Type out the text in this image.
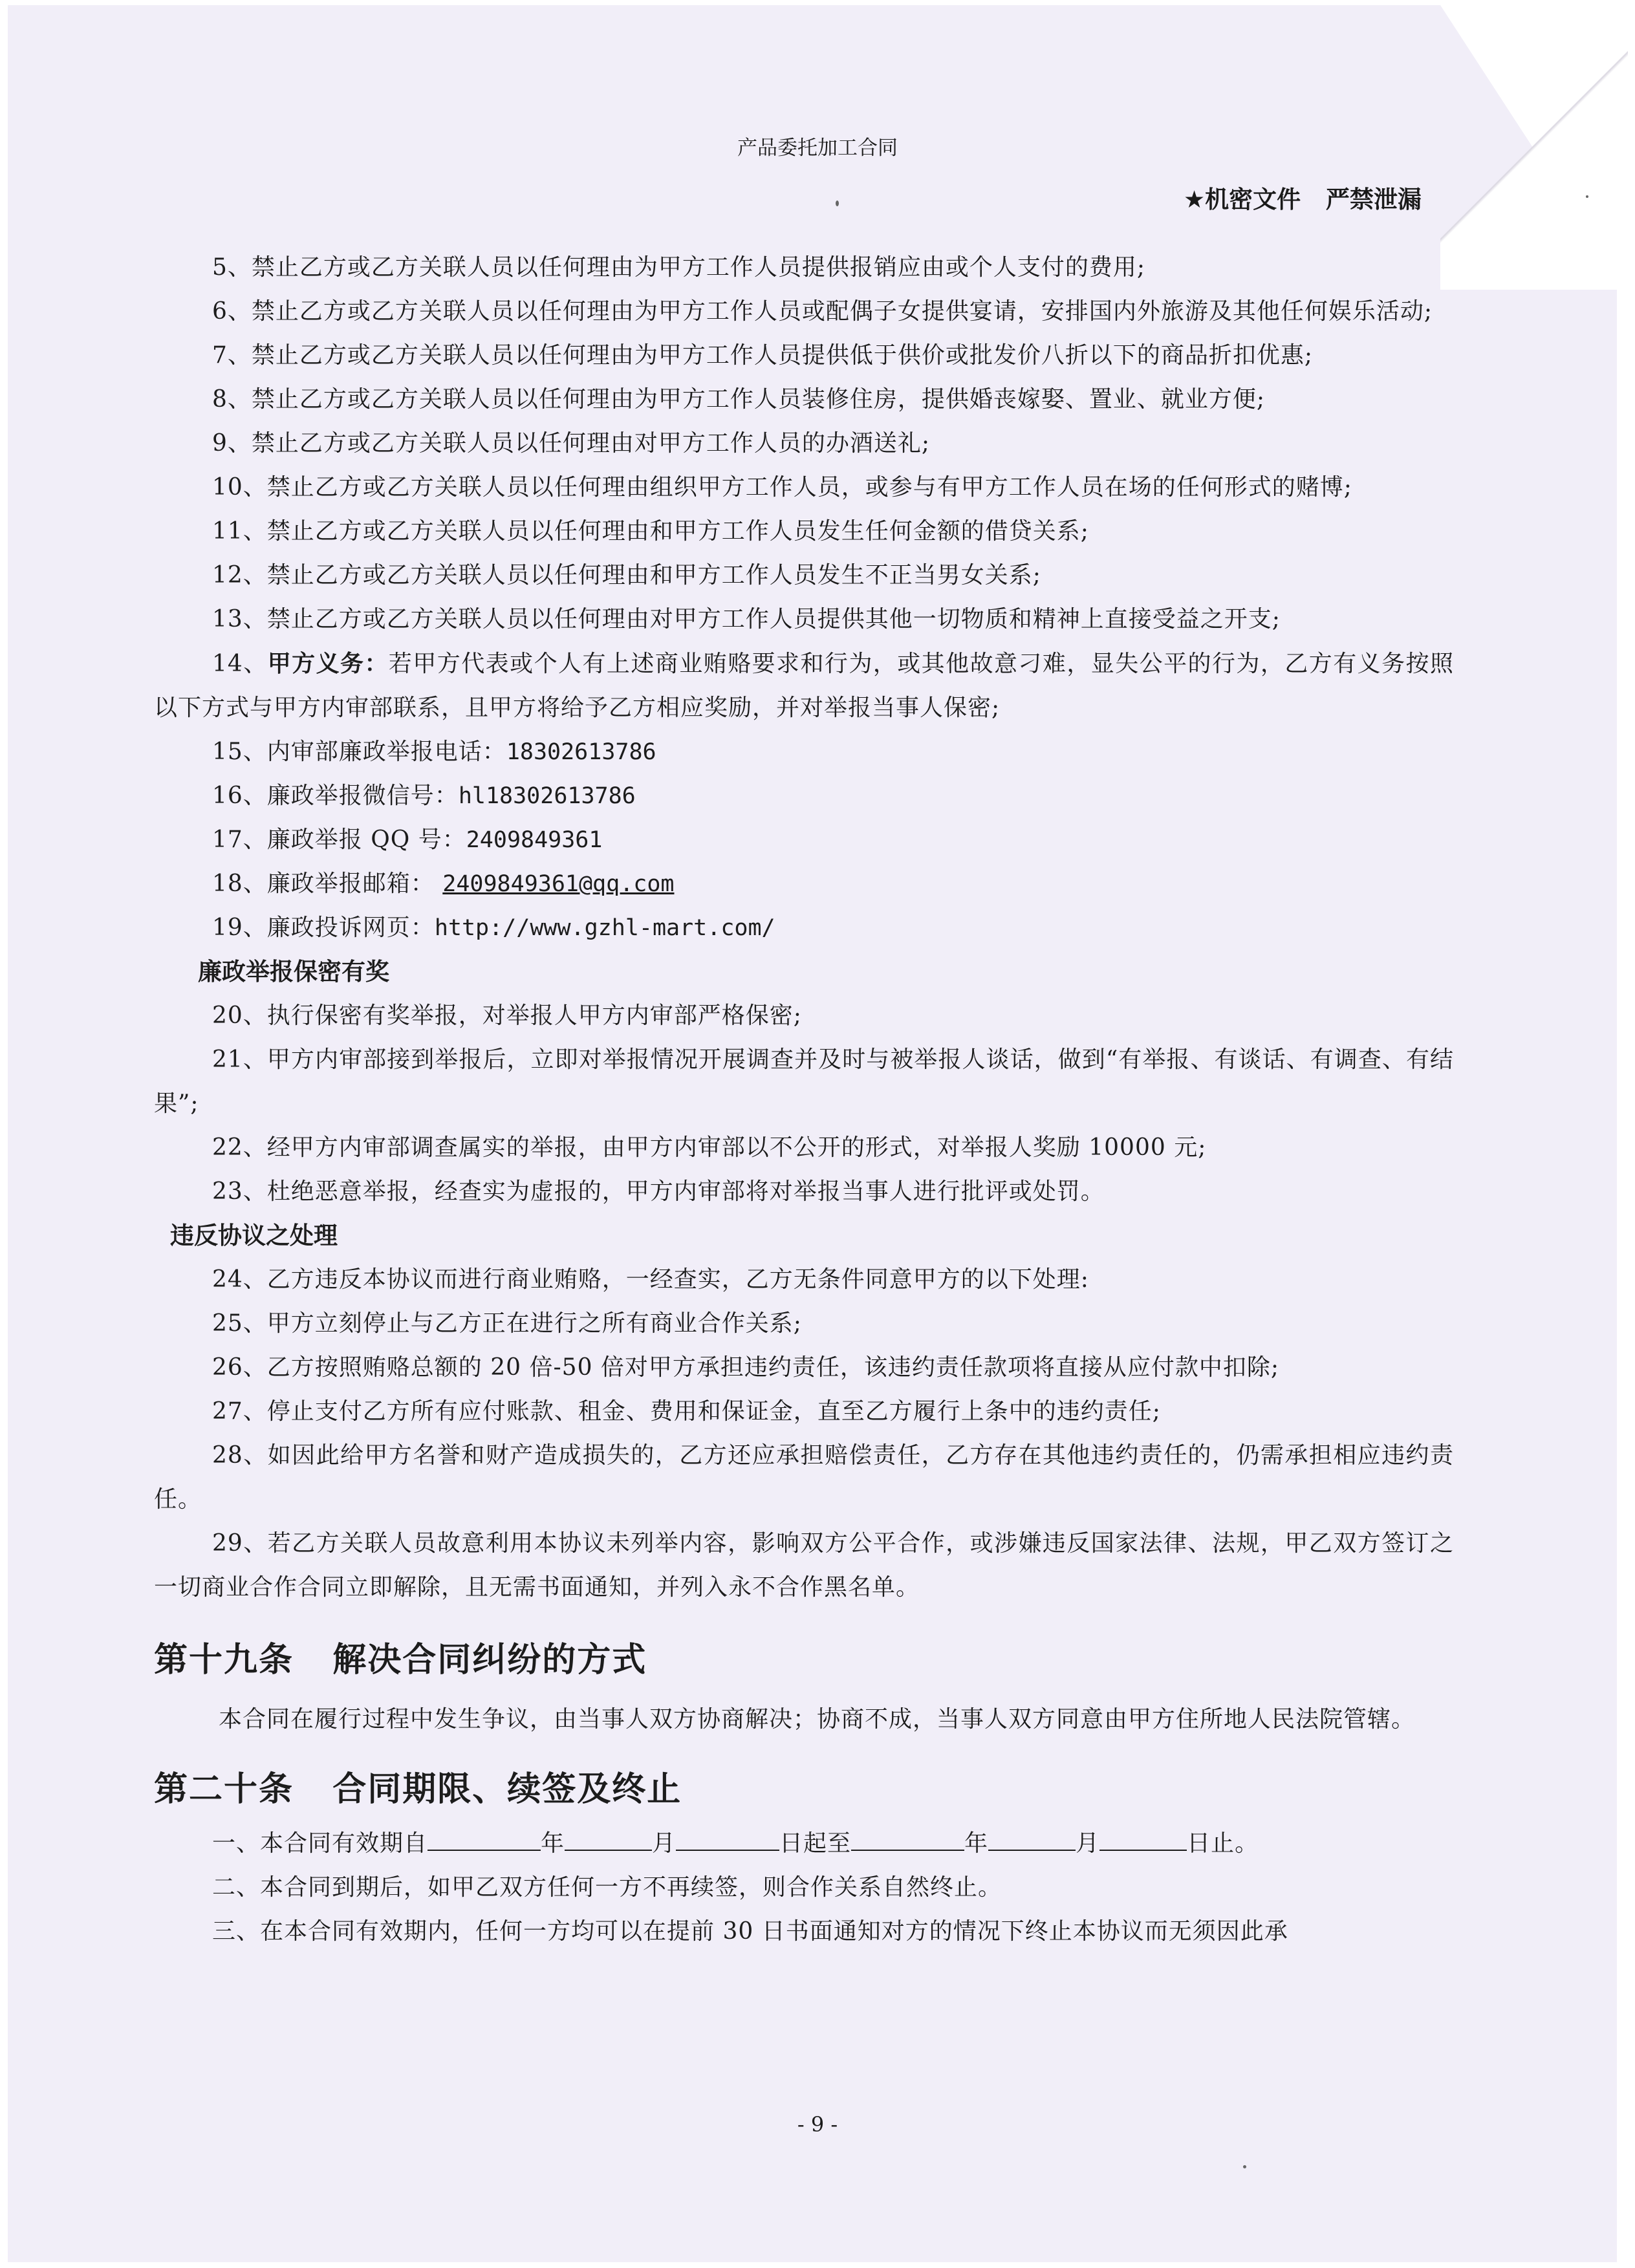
产品委托加工合同
★机密文件   严禁泄漏

5、禁止乙方或乙方关联人员以任何理由为甲方工作人员提供报销应由或个人支付的费用;

6、禁止乙方或乙方关联人员以任何理由为甲方工作人员或配偶子女提供宴请，安排国内外旅游及其他任何娱乐活动;

7、禁止乙方或乙方关联人员以任何理由为甲方工作人员提供低于供价或批发价八折以下的商品折扣优惠;

8、禁止乙方或乙方关联人员以任何理由为甲方工作人员装修住房，提供婚丧嫁娶、置业、就业方便;

9、禁止乙方或乙方关联人员以任何理由对甲方工作人员的办酒送礼;

10、禁止乙方或乙方关联人员以任何理由组织甲方工作人员，或参与有甲方工作人员在场的任何形式的赌博;

11、禁止乙方或乙方关联人员以任何理由和甲方工作人员发生任何金额的借贷关系;

12、禁止乙方或乙方关联人员以任何理由和甲方工作人员发生不正当男女关系;

13、禁止乙方或乙方关联人员以任何理由对甲方工作人员提供其他一切物质和精神上直接受益之开支;

14、甲方义务：若甲方代表或个人有上述商业贿赂要求和行为，或其他故意刁难，显失公平的行为，乙方有义务按照以下方式与甲方内审部联系，且甲方将给予乙方相应奖励，并对举报当事人保密;

15、内审部廉政举报电话：18302613786

16、廉政举报微信号：hl18302613786

17、廉政举报 QQ 号：2409849361

18、廉政举报邮箱： 2409849361@qq.com

19、廉政投诉网页：http://www.gzhl-mart.com/

廉政举报保密有奖

20、执行保密有奖举报，对举报人甲方内审部严格保密;

21、甲方内审部接到举报后，立即对举报情况开展调查并及时与被举报人谈话，做到“有举报、有谈话、有调查、有结果”;

22、经甲方内审部调查属实的举报，由甲方内审部以不公开的形式，对举报人奖励 10000 元;

23、杜绝恶意举报，经查实为虚报的，甲方内审部将对举报当事人进行批评或处罚。

违反协议之处理

24、乙方违反本协议而进行商业贿赂，一经查实，乙方无条件同意甲方的以下处理:

25、甲方立刻停止与乙方正在进行之所有商业合作关系;

26、乙方按照贿赂总额的 20 倍-50 倍对甲方承担违约责任，该违约责任款项将直接从应付款中扣除;

27、停止支付乙方所有应付账款、租金、费用和保证金，直至乙方履行上条中的违约责任;

28、如因此给甲方名誉和财产造成损失的，乙方还应承担赔偿责任，乙方存在其他违约责任的，仍需承担相应违约责任。

29、若乙方关联人员故意利用本协议未列举内容，影响双方公平合作，或涉嫌违反国家法律、法规，甲乙双方签订之一切商业合作合同立即解除，且无需书面通知，并列入永不合作黑名单。

第十九条   解决合同纠纷的方式

本合同在履行过程中发生争议，由当事人双方协商解决；协商不成，当事人双方同意由甲方住所地人民法院管辖。

第二十条   合同期限、续签及终止

一、本合同有效期自	年	月	日起至	年	月	日止。

二、本合同到期后，如甲乙双方任何一方不再续签，则合作关系自然终止。

三、在本合同有效期内，任何一方均可以在提前 30 日书面通知对方的情况下终止本协议而无须因此承

- 9 -
